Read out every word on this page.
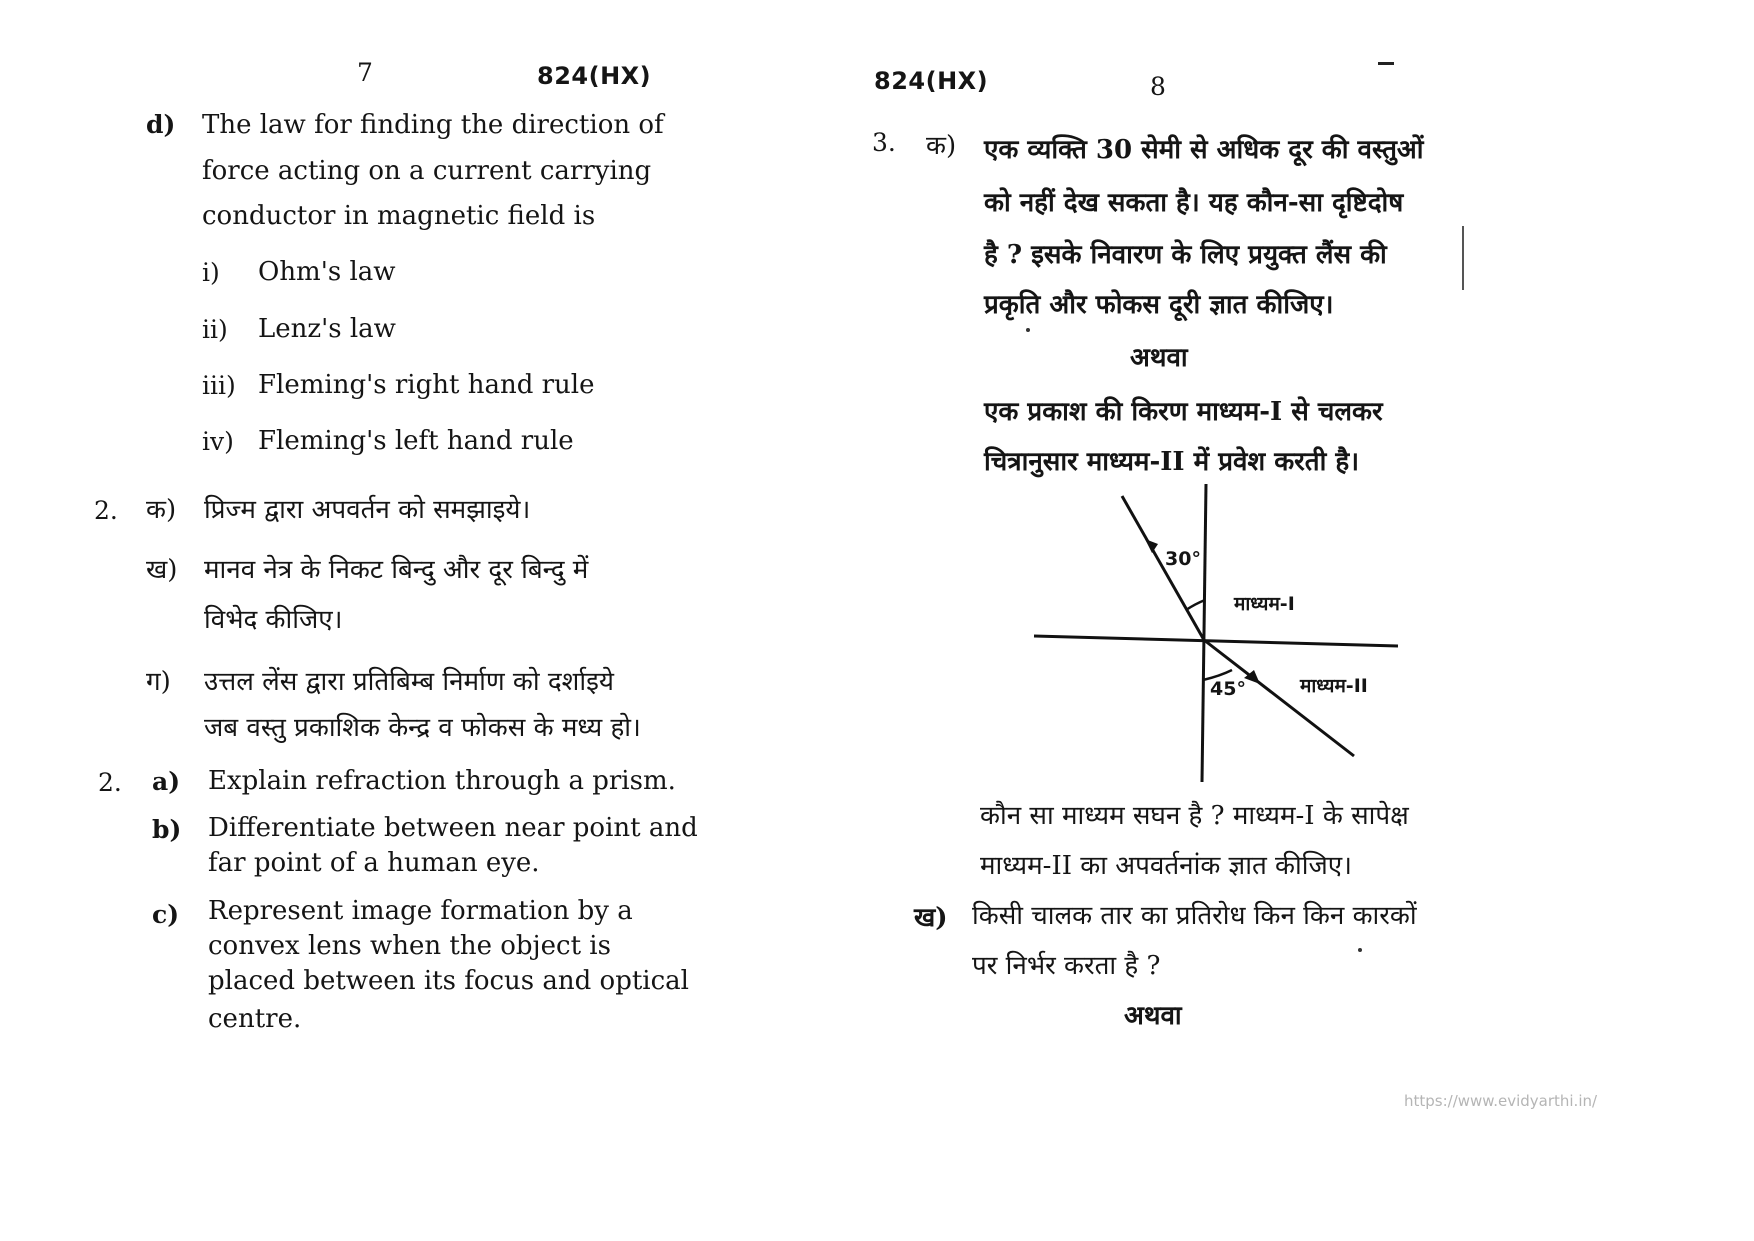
7	824(HX)
d) The law for finding the direction of
force acting on a current carrying
conductor in magnetic field is
i) Ohm's law
ii) Lenz's law
iii) Fleming's right hand rule
iv) Fleming's left hand rule
2. क) प्रिज्म द्वारा अपवर्तन को समझाइये।
ख) मानव नेत्र के निकट बिन्दु और दूर बिन्दु में
विभेद कीजिए।
ग) उत्तल लेंस द्वारा प्रतिबिम्ब निर्माण को दर्शाइये
जब वस्तु प्रकाशिक केन्द्र व फोकस के मध्य हो।
2. a) Explain refraction through a prism.
b) Differentiate between near point and
far point of a human eye.
c) Represent image formation by a
convex lens when the object is
placed between its focus and optical
centre.
824(HX)	8
3. क) एक व्यक्ति 30 सेमी से अधिक दूर की वस्तुओं
को नहीं देख सकता है। यह कौन-सा दृष्टिदोष
है ? इसके निवारण के लिए प्रयुक्त लैंस की
प्रकृति और फोकस दूरी ज्ञात कीजिए।
अथवा
एक प्रकाश की किरण माध्यम-I से चलकर
चित्रानुसार माध्यम-II में प्रवेश करती है।
30°
माध्यम-I
45°	माध्यम-II
कौन सा माध्यम सघन है ? माध्यम-I के सापेक्ष
माध्यम-II का अपवर्तनांक ज्ञात कीजिए।
ख) किसी चालक तार का प्रतिरोध किन किन कारकों
पर निर्भर करता है ?
अथवा
https://www.evidyarthi.in/
